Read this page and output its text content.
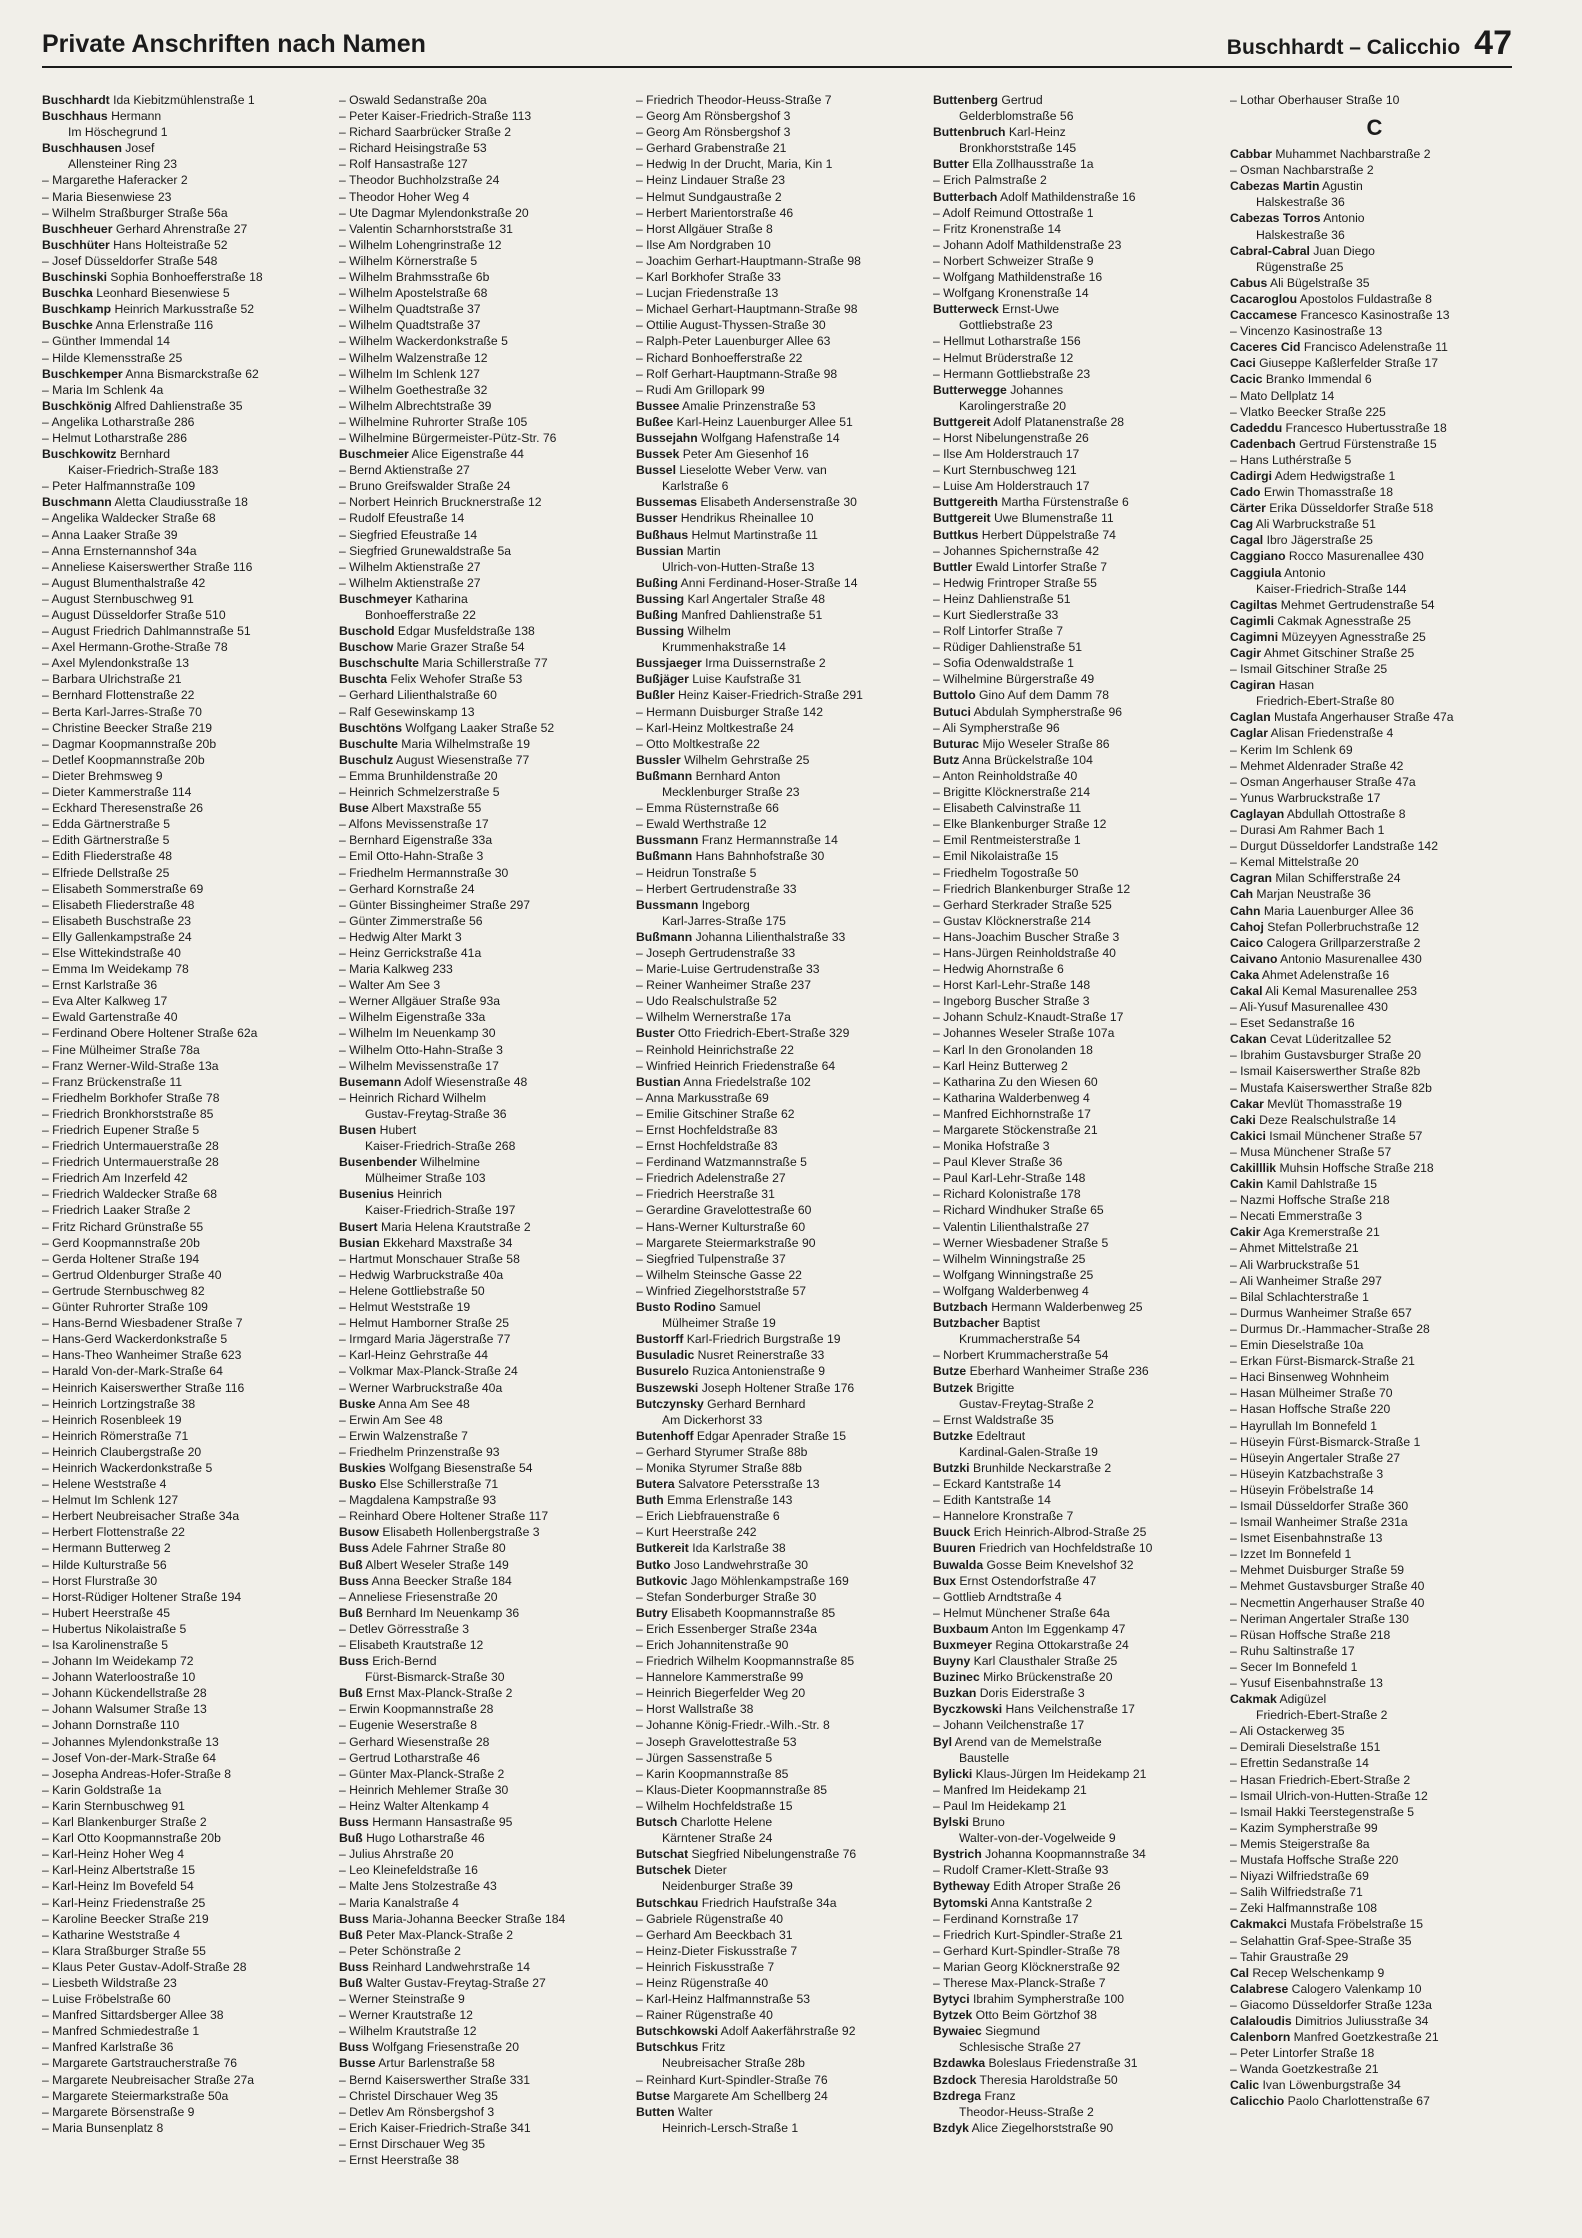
Private Anschriften nach Namen	Buschhardt – Calicchio 47
Buschhardt Ida Kiebitzmühlenstraße 1
Buschhaus Hermann
Im Höschegrund 1
Buschhausen Josef
Allensteiner Ring 23
– Margarethe Haferacker 2
– Maria Biesenwiese 23
– Wilhelm Straßburger Straße 56a
Buschheuer Gerhard Ahrenstraße 27
Buschhüter Hans Holteistraße 52
– Josef Düsseldorfer Straße 548
Buschinski Sophia Bonhoefferstraße 18
Buschka Leonhard Biesenwiese 5
Buschkamp Heinrich Markusstraße 52
Buschke Anna Erlenstraße 116
– Günther Immendal 14
– Hilde Klemensstraße 25
Buschkemper Anna Bismarckstraße 62
– Maria Im Schlenk 4a
Buschkönig Alfred Dahlienstraße 35
– Angelika Lotharstraße 286
– Helmut Lotharstraße 286
Buschkowitz Bernhard
Kaiser-Friedrich-Straße 183
– Peter Halfmannstraße 109
Buschmann Aletta Claudiusstraße 18
– Angelika Waldecker Straße 68
– Anna Laaker Straße 39
– Anna Ernsternannshof 34a
– Anneliese Kaiserswerther Straße 116
– August Blumenthalstraße 42
– August Sternbuschweg 91
– August Düsseldorfer Straße 510
– August Friedrich Dahlmannstraße 51
– Axel Hermann-Grothe-Straße 78
– Axel Mylendonkstraße 13
– Barbara Ulrichstraße 21
– Bernhard Flottenstraße 22
– Berta Karl-Jarres-Straße 70
– Christine Beecker Straße 219
– Dagmar Koopmannstraße 20b
– Detlef Koopmannstraße 20b
– Dieter Brehmsweg 9
– Dieter Kammerstraße 114
– Eckhard Theresenstraße 26
– Edda Gärtnerstraße 5
– Edith Gärtnerstraße 5
– Edith Fliederstraße 48
– Elfriede Dellstraße 25
– Elisabeth Sommerstraße 69
– Elisabeth Fliederstraße 48
– Elisabeth Buschstraße 23
– Elly Gallenkampstraße 24
– Else Wittekindstraße 40
– Emma Im Weidekamp 78
– Ernst Karlstraße 36
– Eva Alter Kalkweg 17
– Ewald Gartenstraße 40
– Ferdinand Obere Holtener Straße 62a
– Fine Mülheimer Straße 78a
– Franz Werner-Wild-Straße 13a
– Franz Brückenstraße 11
– Friedhelm Borkhofer Straße 78
– Friedrich Bronkhorststraße 85
– Friedrich Eupener Straße 5
– Friedrich Untermauerstraße 28
– Friedrich Untermauerstraße 28
– Friedrich Am Inzerfeld 42
– Friedrich Waldecker Straße 68
– Friedrich Laaker Straße 2
– Fritz Richard Grünstraße 55
– Gerd Koopmannstraße 20b
– Gerda Holtener Straße 194
– Gertrud Oldenburger Straße 40
– Gertrude Sternbuschweg 82
– Günter Ruhrorter Straße 109
– Hans-Bernd Wiesbadener Straße 7
– Hans-Gerd Wackerdonkstraße 5
– Hans-Theo Wanheimer Straße 623
– Harald Von-der-Mark-Straße 64
– Heinrich Kaiserswerther Straße 116
– Heinrich Lortzingstraße 38
– Heinrich Rosenbleek 19
– Heinrich Römerstraße 71
– Heinrich Claubergstraße 20
– Heinrich Wackerdonkstraße 5
– Helene Weststraße 4
– Helmut Im Schlenk 127
– Herbert Neubreisacher Straße 34a
– Herbert Flottenstraße 22
– Hermann Butterweg 2
– Hilde Kulturstraße 56
– Horst Flurstraße 30
– Horst-Rüdiger Holtener Straße 194
– Hubert Heerstraße 45
– Hubertus Nikolaistraße 5
– Isa Karolinenstraße 5
– Johann Im Weidekamp 72
– Johann Waterloostraße 10
– Johann Kückendellstraße 28
– Johann Walsumer Straße 13
– Johann Dornstraße 110
– Johannes Mylendonkstraße 13
– Josef Von-der-Mark-Straße 64
– Josepha Andreas-Hofer-Straße 8
– Karin Goldstraße 1a
– Karin Sternbuschweg 91
– Karl Blankenburger Straße 2
– Karl Otto Koopmannstraße 20b
– Karl-Heinz Hoher Weg 4
– Karl-Heinz Albertstraße 15
– Karl-Heinz Im Bovefeld 54
– Karl-Heinz Friedenstraße 25
– Karoline Beecker Straße 219
– Katharine Weststraße 4
– Klara Straßburger Straße 55
– Klaus Peter Gustav-Adolf-Straße 28
– Liesbeth Wildstraße 23
– Luise Fröbelstraße 60
– Manfred Sittardsberger Allee 38
– Manfred Schmiedestraße 1
– Manfred Karlstraße 36
– Margarete Gartstraucherstraße 76
– Margarete Neubreisacher Straße 27a
– Margarete Steiermarkstraße 50a
– Margarete Börsenstraße 9
– Maria Bunsenplatz 8
– Oswald Sedanstraße 20a
– Peter Kaiser-Friedrich-Straße 113
– Richard Saarbrücker Straße 2
– Richard Heisingstraße 53
– Rolf Hansastraße 127
– Theodor Buchholzstraße 24
– Theodor Hoher Weg 4
– Ute Dagmar Mylendonkstraße 20
– Valentin Scharnhorststraße 31
– Wilhelm Lohengrinstraße 12
– Wilhelm Körnerstraße 5
– Wilhelm Brahmsstraße 6b
– Wilhelm Apostelstraße 68
– Wilhelm Quadtstraße 37
– Wilhelm Quadtstraße 37
– Wilhelm Wackerdonkstraße 5
– Wilhelm Walzenstraße 12
– Wilhelm Im Schlenk 127
– Wilhelm Goethestraße 32
– Wilhelm Albrechtstraße 39
– Wilhelmine Ruhrorter Straße 105
– Wilhelmine Bürgermeister-Pütz-Str. 76
Buschmeier Alice Eigenstraße 44
– Bernd Aktienstraße 27
– Bruno Greifswalder Straße 24
– Norbert Heinrich Brucknerstraße 12
– Rudolf Efeustraße 14
– Siegfried Efeustraße 14
– Siegfried Grunewaldstraße 5a
– Wilhelm Aktienstraße 27
– Wilhelm Aktienstraße 27
Buschmeyer Katharina
Bonhoefferstraße 22
Buschold Edgar Musfeldstraße 138
Buschow Marie Grazer Straße 54
Buschschulte Maria Schillerstraße 77
Buschta Felix Wehofer Straße 53
– Gerhard Lilienthalstraße 60
– Ralf Gesewinskamp 13
Buschtöns Wolfgang Laaker Straße 52
Buschulte Maria Wilhelmstraße 19
Buschulz August Wiesenstraße 77
– Emma Brunhildenstraße 20
– Heinrich Schmelzerstraße 5
Buse Albert Maxstraße 55
– Alfons Mevissenstraße 17
– Bernhard Eigenstraße 33a
– Emil Otto-Hahn-Straße 3
– Friedhelm Hermannstraße 30
– Gerhard Kornstraße 24
– Günter Bissingheimer Straße 297
– Günter Zimmerstraße 56
– Hedwig Alter Markt 3
– Heinz Gerrickstraße 41a
– Maria Kalkweg 233
– Walter Am See 3
– Werner Allgäuer Straße 93a
– Wilhelm Eigenstraße 33a
– Wilhelm Im Neuenkamp 30
– Wilhelm Otto-Hahn-Straße 3
– Wilhelm Mevissenstraße 17
Busemann Adolf Wiesenstraße 48
– Heinrich Richard Wilhelm
Gustav-Freytag-Straße 36
Busen Hubert
Kaiser-Friedrich-Straße 268
Busenbender Wilhelmine
Mülheimer Straße 103
Busenius Heinrich
Kaiser-Friedrich-Straße 197
Busert Maria Helena Krautstraße 2
Busian Ekkehard Maxstraße 34
– Hartmut Monschauer Straße 58
– Hedwig Warbruckstraße 40a
– Helene Gottliebstraße 50
– Helmut Weststraße 19
– Helmut Hamborner Straße 25
– Irmgard Maria Jägerstraße 77
– Karl-Heinz Gehrstraße 44
– Volkmar Max-Planck-Straße 24
– Werner Warbruckstraße 40a
Buske Anna Am See 48
– Erwin Am See 48
– Erwin Walzenstraße 7
– Friedhelm Prinzenstraße 93
Buskies Wolfgang Biesenstraße 54
Busko Else Schillerstraße 71
– Magdalena Kampstraße 93
– Reinhard Obere Holtener Straße 117
Busow Elisabeth Hollenbergstraße 3
Buss Adele Fahrner Straße 80
Buß Albert Weseler Straße 149
Buss Anna Beecker Straße 184
– Anneliese Friesenstraße 20
Buß Bernhard Im Neuenkamp 36
– Detlev Görresstraße 3
– Elisabeth Krautstraße 12
Buss Erich-Bernd
Fürst-Bismarck-Straße 30
Buß Ernst Max-Planck-Straße 2
– Erwin Koopmannstraße 28
– Eugenie Weserstraße 8
– Gerhard Wiesenstraße 28
– Gertrud Lotharstraße 46
– Günter Max-Planck-Straße 2
– Heinrich Mehlemer Straße 30
– Heinz Walter Altenkamp 4
Buss Hermann Hansastraße 95
Buß Hugo Lotharstraße 46
– Julius Ahrstraße 20
– Leo Kleinefeldstraße 16
– Malte Jens Stolzestraße 43
– Maria Kanalstraße 4
Buss Maria-Johanna Beecker Straße 184
Buß Peter Max-Planck-Straße 2
– Peter Schönstraße 2
Buss Reinhard Landwehrstraße 14
Buß Walter Gustav-Freytag-Straße 27
– Werner Steinstraße 9
– Werner Krautstraße 12
– Wilhelm Krautstraße 12
Buss Wolfgang Friesenstraße 20
Busse Artur Barlenstraße 58
– Bernd Kaiserswerther Straße 331
– Christel Dirschauer Weg 35
– Detlev Am Rönsbergshof 3
– Erich Kaiser-Friedrich-Straße 341
– Ernst Dirschauer Weg 35
– Ernst Heerstraße 38
– Friedrich Theodor-Heuss-Straße 7
– Georg Am Rönsbergshof 3
– Georg Am Rönsbergshof 3
– Gerhard Grabenstraße 21
– Hedwig In der Drucht, Maria, Kin 1
– Heinz Lindauer Straße 23
– Helmut Sundgaustraße 2
– Herbert Marientorstraße 46
– Horst Allgäuer Straße 8
– Ilse Am Nordgraben 10
– Joachim Gerhart-Hauptmann-Straße 98
– Karl Borkhofer Straße 33
– Lucjan Friedenstraße 13
– Michael Gerhart-Hauptmann-Straße 98
– Ottilie August-Thyssen-Straße 30
– Ralph-Peter Lauenburger Allee 63
– Richard Bonhoefferstraße 22
– Rolf Gerhart-Hauptmann-Straße 98
– Rudi Am Grillopark 99
Bussee Amalie Prinzenstraße 53
Bußee Karl-Heinz Lauenburger Allee 51
Bussejahn Wolfgang Hafenstraße 14
Bussek Peter Am Giesenhof 16
Bussel Lieselotte Weber Verw. van
Karlstraße 6
Bussemas Elisabeth Andersenstraße 30
Busser Hendrikus Rheinallee 10
Bußhaus Helmut Martinstraße 11
Bussian Martin
Ulrich-von-Hutten-Straße 13
Bußing Anni Ferdinand-Hoser-Straße 14
Bussing Karl Angertaler Straße 48
Bußing Manfred Dahlienstraße 51
Bussing Wilhelm
Krummenhakstraße 14
Bussjaeger Irma Duissernstraße 2
Bußjäger Luise Kaufstraße 31
Bußler Heinz Kaiser-Friedrich-Straße 291
– Hermann Duisburger Straße 142
– Karl-Heinz Moltkestraße 24
– Otto Moltkestraße 22
Bussler Wilhelm Gehrstraße 25
Bußmann Bernhard Anton
Mecklenburger Straße 23
– Emma Rüsternstraße 66
– Ewald Werthstraße 12
Bussmann Franz Hermannstraße 14
Bußmann Hans Bahnhofstraße 30
– Heidrun Tonstraße 5
– Herbert Gertrudenstraße 33
Bussmann Ingeborg
Karl-Jarres-Straße 175
Bußmann Johanna Lilienthalstraße 33
– Joseph Gertrudenstraße 33
– Marie-Luise Gertrudenstraße 33
– Reiner Wanheimer Straße 237
– Udo Realschulstraße 52
– Wilhelm Wernerstraße 17a
Buster Otto Friedrich-Ebert-Straße 329
– Reinhold Heinrichstraße 22
– Winfried Heinrich Friedenstraße 64
Bustian Anna Friedelstraße 102
– Anna Markusstraße 69
– Emilie Gitschiner Straße 62
– Ernst Hochfeldstraße 83
– Ernst Hochfeldstraße 83
– Ferdinand Watzmannstraße 5
– Friedrich Adelenstraße 27
– Friedrich Heerstraße 31
– Gerardine Gravelottestraße 60
– Hans-Werner Kulturstraße 60
– Margarete Steiermarkstraße 90
– Siegfried Tulpenstraße 37
– Wilhelm Steinsche Gasse 22
– Winfried Ziegelhorststraße 57
Busto Rodino Samuel
Mülheimer Straße 19
Bustorff Karl-Friedrich Burgstraße 19
Busuladic Nusret Reinerstraße 33
Busurelo Ruzica Antonienstraße 9
Buszewski Joseph Holtener Straße 176
Butczynsky Gerhard Bernhard
Am Dickerhorst 33
Butenhoff Edgar Apenrader Straße 15
– Gerhard Styrumer Straße 88b
– Monika Styrumer Straße 88b
Butera Salvatore Petersstraße 13
Buth Emma Erlenstraße 143
– Erich Liebfrauenstraße 6
– Kurt Heerstraße 242
Butkereit Ida Karlstraße 38
Butko Joso Landwehrstraße 30
Butkovic Jago Möhlenkampstraße 169
– Stefan Sonderburger Straße 30
Butry Elisabeth Koopmannstraße 85
– Erich Essenberger Straße 234a
– Erich Johannitenstraße 90
– Friedrich Wilhelm Koopmannstraße 85
– Hannelore Kammerstraße 99
– Heinrich Biegerfelder Weg 20
– Horst Wallstraße 38
– Johanne König-Friedr.-Wilh.-Str. 8
– Joseph Gravelottestraße 53
– Jürgen Sassenstraße 5
– Karin Koopmannstraße 85
– Klaus-Dieter Koopmannstraße 85
– Wilhelm Hochfeldstraße 15
Butsch Charlotte Helene
Kärntener Straße 24
Butschat Siegfried Nibelungenstraße 76
Butschek Dieter
Neidenburger Straße 39
Butschkau Friedrich Haufstraße 34a
– Gabriele Rügenstraße 40
– Gerhard Am Beeckbach 31
– Heinz-Dieter Fiskusstraße 7
– Heinrich Fiskusstraße 7
– Heinz Rügenstraße 40
– Karl-Heinz Halfmannstraße 53
– Rainer Rügenstraße 40
Butschkowski Adolf Aakerfährstraße 92
Butschkus Fritz
Neubreisacher Straße 28b
– Reinhard Kurt-Spindler-Straße 76
Butse Margarete Am Schellberg 24
Butten Walter
Heinrich-Lersch-Straße 1
Buttenberg Gertrud
Gelderblomstraße 56
Buttenbruch Karl-Heinz
Bronkhorststraße 145
Butter Ella Zollhausstraße 1a
– Erich Palmstraße 2
Butterbach Adolf Mathildenstraße 16
– Adolf Reimund Ottostraße 1
– Fritz Kronenstraße 14
– Johann Adolf Mathildenstraße 23
– Norbert Schweizer Straße 9
– Wolfgang Mathildenstraße 16
– Wolfgang Kronenstraße 14
Butterweck Ernst-Uwe
Gottliebstraße 23
– Hellmut Lotharstraße 156
– Helmut Brüderstraße 12
– Hermann Gottliebstraße 23
Butterwegge Johannes
Karolingerstraße 20
Buttgereit Adolf Platanenstraße 28
– Horst Nibelungenstraße 26
– Ilse Am Holderstrauch 17
– Kurt Sternbuschweg 121
– Luise Am Holderstrauch 17
Buttgereith Martha Fürstenstraße 6
Buttgereit Uwe Blumenstraße 11
Buttkus Herbert Düppelstraße 74
– Johannes Spichernstraße 42
Buttler Ewald Lintorfer Straße 7
– Hedwig Frintroper Straße 55
– Heinz Dahlienstraße 51
– Kurt Siedlerstraße 33
– Rolf Lintorfer Straße 7
– Rüdiger Dahlienstraße 51
– Sofia Odenwaldstraße 1
– Wilhelmine Bürgerstraße 49
Buttolo Gino Auf dem Damm 78
Butuci Abdulah Sympherstraße 96
– Ali Sympherstraße 96
Buturac Mijo Weseler Straße 86
Butz Anna Brückelstraße 104
– Anton Reinholdstraße 40
– Brigitte Klöcknerstraße 214
– Elisabeth Calvinstraße 11
– Elke Blankenburger Straße 12
– Emil Rentmeisterstraße 1
– Emil Nikolaistraße 15
– Friedhelm Togostraße 50
– Friedrich Blankenburger Straße 12
– Gerhard Sterkrader Straße 525
– Gustav Klöcknerstraße 214
– Hans-Joachim Buscher Straße 3
– Hans-Jürgen Reinholdstraße 40
– Hedwig Ahornstraße 6
– Horst Karl-Lehr-Straße 148
– Ingeborg Buscher Straße 3
– Johann Schulz-Knaudt-Straße 17
– Johannes Weseler Straße 107a
– Karl In den Gronolanden 18
– Karl Heinz Butterweg 2
– Katharina Zu den Wiesen 60
– Katharina Walderbenweg 4
– Manfred Eichhornstraße 17
– Margarete Stöckenstraße 21
– Monika Hofstraße 3
– Paul Klever Straße 36
– Paul Karl-Lehr-Straße 148
– Richard Kolonistraße 178
– Richard Windhuker Straße 65
– Valentin Lilienthalstraße 27
– Werner Wiesbadener Straße 5
– Wilhelm Winningstraße 25
– Wolfgang Winningstraße 25
– Wolfgang Walderbenweg 4
Butzbach Hermann Walderbenweg 25
Butzbacher Baptist
Krummacherstraße 54
– Norbert Krummacherstraße 54
Butze Eberhard Wanheimer Straße 236
Butzek Brigitte
Gustav-Freytag-Straße 2
– Ernst Waldstraße 35
Butzke Edeltraut
Kardinal-Galen-Straße 19
Butzki Brunhilde Neckarstraße 2
– Eckard Kantstraße 14
– Edith Kantstraße 14
– Hannelore Kronstraße 7
Buuck Erich Heinrich-Albrod-Straße 25
Buuren Friedrich van Hochfeldstraße 10
Buwalda Gosse Beim Knevelshof 32
Bux Ernst Ostendorfstraße 47
– Gottlieb Arndtstraße 4
– Helmut Münchener Straße 64a
Buxbaum Anton Im Eggenkamp 47
Buxmeyer Regina Ottokarstraße 24
Buyny Karl Clausthaler Straße 25
Buzinec Mirko Brückenstraße 20
Buzkan Doris Eiderstraße 3
Byczkowski Hans Veilchenstraße 17
– Johann Veilchenstraße 17
Byl Arend van de Memelstraße
Baustelle
Bylicki Klaus-Jürgen Im Heidekamp 21
– Manfred Im Heidekamp 21
– Paul Im Heidekamp 21
Bylski Bruno
Walter-von-der-Vogelweide 9
Bystrich Johanna Koopmannstraße 34
– Rudolf Cramer-Klett-Straße 93
Bytheway Edith Atroper Straße 26
Bytomski Anna Kantstraße 2
– Ferdinand Kornstraße 17
– Friedrich Kurt-Spindler-Straße 21
– Gerhard Kurt-Spindler-Straße 78
– Marian Georg Klöcknerstraße 92
– Therese Max-Planck-Straße 7
Bytyci Ibrahim Sympherstraße 100
Bytzek Otto Beim Görtzhof 38
Bywaiec Siegmund
Schlesische Straße 27
Bzdawka Boleslaus Friedenstraße 31
Bzdock Theresia Haroldstraße 50
Bzdrega Franz
Theodor-Heuss-Straße 2
Bzdyk Alice Ziegelhorststraße 90
– Lothar Oberhauser Straße 10
C
Cabbar Muhammet Nachbarstraße 2
– Osman Nachbarstraße 2
Cabezas Martin Agustin
Halskestraße 36
Cabezas Torros Antonio
Halskestraße 36
Cabral-Cabral Juan Diego
Rügenstraße 25
Cabus Ali Bügelstraße 35
Cacaroglou Apostolos Fuldastraße 8
Caccamese Francesco Kasinostraße 13
– Vincenzo Kasinostraße 13
Caceres Cid Francisco Adelenstraße 11
Caci Giuseppe Kaßlerfelder Straße 17
Cacic Branko Immendal 6
– Mato Dellplatz 14
– Vlatko Beecker Straße 225
Cadeddu Francesco Hubertusstraße 18
Cadenbach Gertrud Fürstenstraße 15
– Hans Luthérstraße 5
Cadirgi Adem Hedwigstraße 1
Cado Erwin Thomasstraße 18
Cärter Erika Düsseldorfer Straße 518
Cag Ali Warbruckstraße 51
Cagal Ibro Jägerstraße 25
Caggiano Rocco Masurenallee 430
Caggiula Antonio
Kaiser-Friedrich-Straße 144
Cagiltas Mehmet Gertrudenstraße 54
Cagimli Cakmak Agnesstraße 25
Cagimni Müzeyyen Agnesstraße 25
Cagir Ahmet Gitschiner Straße 25
– Ismail Gitschiner Straße 25
Cagiran Hasan
Friedrich-Ebert-Straße 80
Caglan Mustafa Angerhauser Straße 47a
Caglar Alisan Friedenstraße 4
– Kerim Im Schlenk 69
– Mehmet Aldenrader Straße 42
– Osman Angerhauser Straße 47a
– Yunus Warbruckstraße 17
Caglayan Abdullah Ottostraße 8
– Durasi Am Rahmer Bach 1
– Durgut Düsseldorfer Landstraße 142
– Kemal Mittelstraße 20
Cagran Milan Schifferstraße 24
Cah Marjan Neustraße 36
Cahn Maria Lauenburger Allee 36
Cahoj Stefan Pollerbruchstraße 12
Caico Calogera Grillparzerstraße 2
Caivano Antonio Masurenallee 430
Caka Ahmet Adelenstraße 16
Cakal Ali Kemal Masurenallee 253
– Ali-Yusuf Masurenallee 430
– Eset Sedanstraße 16
Cakan Cevat Lüderitzallee 52
– Ibrahim Gustavsburger Straße 20
– Ismail Kaiserswerther Straße 82b
– Mustafa Kaiserswerther Straße 82b
Cakar Mevlüt Thomasstraße 19
Caki Deze Realschulstraße 14
Cakici Ismail Münchener Straße 57
– Musa Münchener Straße 57
Cakilllik Muhsin Hoffsche Straße 218
Cakin Kamil Dahlstraße 15
– Nazmi Hoffsche Straße 218
– Necati Emmerstraße 3
Cakir Aga Kremerstraße 21
– Ahmet Mittelstraße 21
– Ali Warbruckstraße 51
– Ali Wanheimer Straße 297
– Bilal Schlachterstraße 1
– Durmus Wanheimer Straße 657
– Durmus Dr.-Hammacher-Straße 28
– Emin Dieselstraße 10a
– Erkan Fürst-Bismarck-Straße 21
– Haci Binsenweg Wohnheim
– Hasan Mülheimer Straße 70
– Hasan Hoffsche Straße 220
– Hayrullah Im Bonnefeld 1
– Hüseyin Fürst-Bismarck-Straße 1
– Hüseyin Angertaler Straße 27
– Hüseyin Katzbachstraße 3
– Hüseyin Fröbelstraße 14
– Ismail Düsseldorfer Straße 360
– Ismail Wanheimer Straße 231a
– Ismet Eisenbahnstraße 13
– Izzet Im Bonnefeld 1
– Mehmet Duisburger Straße 59
– Mehmet Gustavsburger Straße 40
– Necmettin Angerhauser Straße 40
– Neriman Angertaler Straße 130
– Rüsan Hoffsche Straße 218
– Ruhu Saltinstraße 17
– Secer Im Bonnefeld 1
– Yusuf Eisenbahnstraße 13
Cakmak Adigüzel
Friedrich-Ebert-Straße 2
– Ali Ostackerweg 35
– Demirali Dieselstraße 151
– Efrettin Sedanstraße 14
– Hasan Friedrich-Ebert-Straße 2
– Ismail Ulrich-von-Hutten-Straße 12
– Ismail Hakki Teerstegenstraße 5
– Kazim Sympherstraße 99
– Memis Steigerstraße 8a
– Mustafa Hoffsche Straße 220
– Niyazi Wilfriedstraße 69
– Salih Wilfriedstraße 71
– Zeki Halfmannstraße 108
Cakmakci Mustafa Fröbelstraße 15
– Selahattin Graf-Spee-Straße 35
– Tahir Graustraße 29
Cal Recep Welschenkamp 9
Calabrese Calogero Valenkamp 10
– Giacomo Düsseldorfer Straße 123a
Calaloudis Dimitrios Juliusstraße 34
Calenborn Manfred Goetzkestraße 21
– Peter Lintorfer Straße 18
– Wanda Goetzkestraße 21
Calic Ivan Löwenburgstraße 34
Calicchio Paolo Charlottenstraße 67
